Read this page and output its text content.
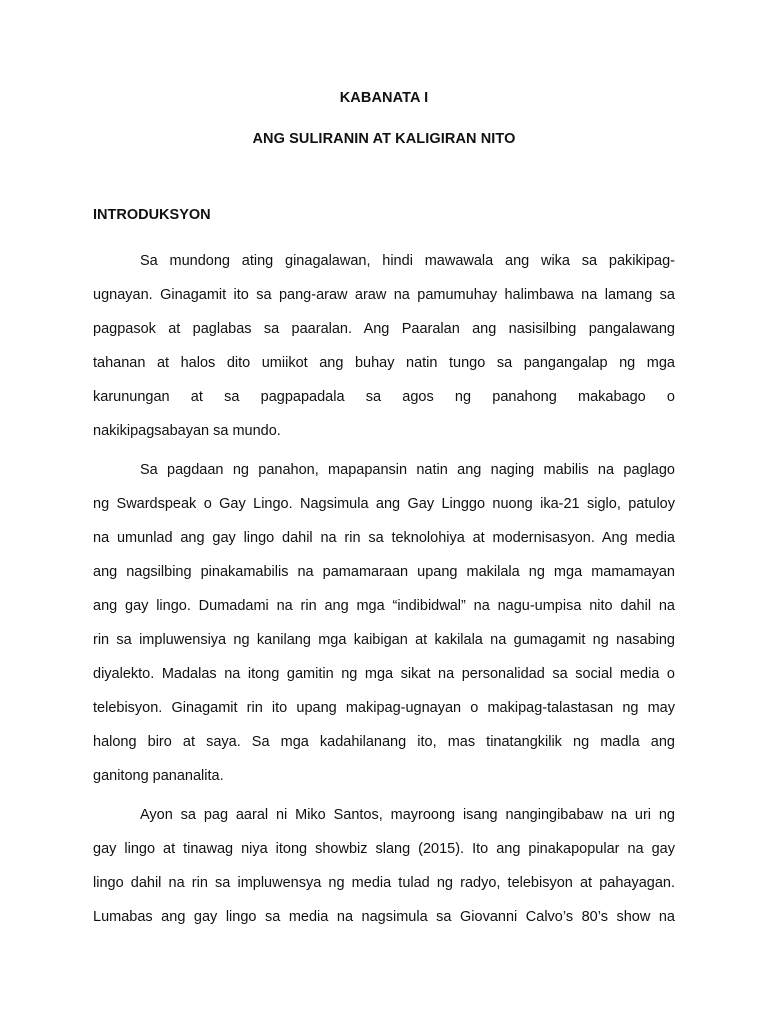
KABANATA I
ANG SULIRANIN AT KALIGIRAN NITO
INTRODUKSYON
Sa mundong ating ginagalawan, hindi mawawala ang wika sa pakikipag-
ugnayan. Ginagamit ito sa pang-araw araw na pamumuhay halimbawa na lamang sa
pagpasok at paglabas sa paaralan. Ang Paaralan ang nasisilbing pangalawang
tahanan at halos dito umiikot ang buhay natin tungo sa pangangalap ng mga
karunungan at sa pagpapadala sa agos ng panahong makabago o
nakikipagsabayan sa mundo.
Sa pagdaan ng panahon, mapapansin natin ang naging mabilis na paglago
ng Swardspeak o Gay Lingo. Nagsimula ang Gay Linggo nuong ika-21 siglo, patuloy
na umunlad ang gay lingo dahil na rin sa teknolohiya at modernisasyon. Ang media
ang nagsilbing pinakamabilis na pamamaraan upang makilala ng mga mamamayan
ang gay lingo. Dumadami na rin ang mga “indibidwal” na nagu-umpisa nito dahil na
rin sa impluwensiya ng kanilang mga kaibigan at kakilala na gumagamit ng nasabing
diyalekto. Madalas na itong gamitin ng mga sikat na personalidad sa social media o
telebisyon. Ginagamit rin ito upang makipag-ugnayan o makipag-talastasan ng may
halong biro at saya. Sa mga kadahilanang ito, mas tinatangkilik ng madla ang
ganitong pananalita.
Ayon sa pag aaral ni Miko Santos, mayroong isang nangingibabaw na uri ng
gay lingo at tinawag niya itong showbiz slang (2015). Ito ang pinakapopular na gay
lingo dahil na rin sa impluwensya ng media tulad ng radyo, telebisyon at pahayagan.
Lumabas ang gay lingo sa media na nagsimula sa Giovanni Calvo’s 80’s show na
